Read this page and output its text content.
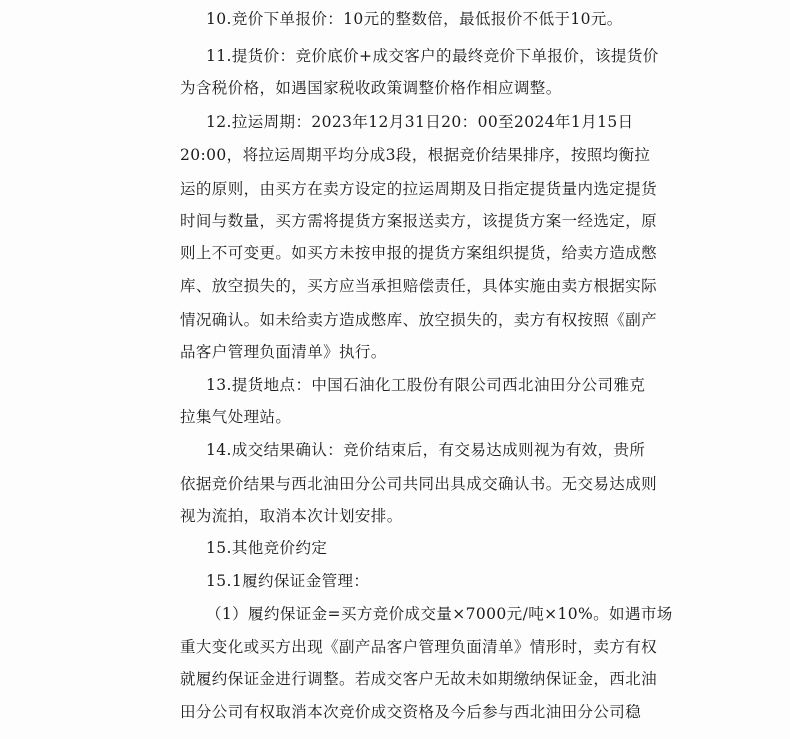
10.竞价下单报价：10元的整数倍，最低报价不低于10元。
11.提货价：竞价底价+成交客户的最终竞价下单报价，该提货价
为含税价格，如遇国家税收政策调整价格作相应调整。
12.拉运周期：2023年12月31日20：00至2024年1月15日
20:00，将拉运周期平均分成3段，根据竞价结果排序，按照均衡拉
运的原则，由买方在卖方设定的拉运周期及日指定提货量内选定提货
时间与数量，买方需将提货方案报送卖方，该提货方案一经选定，原
则上不可变更。如买方未按申报的提货方案组织提货，给卖方造成憋
库、放空损失的，买方应当承担赔偿责任，具体实施由卖方根据实际
情况确认。如未给卖方造成憋库、放空损失的，卖方有权按照《副产
品客户管理负面清单》执行。
13.提货地点：中国石油化工股份有限公司西北油田分公司雅克
拉集气处理站。
14.成交结果确认：竞价结束后，有交易达成则视为有效，贵所
依据竞价结果与西北油田分公司共同出具成交确认书。无交易达成则
视为流拍，取消本次计划安排。
15.其他竞价约定
15.1履约保证金管理：
（1）履约保证金=买方竞价成交量×7000元/吨×10%。如遇市场
重大变化或买方出现《副产品客户管理负面清单》情形时，卖方有权
就履约保证金进行调整。若成交客户无故未如期缴纳保证金，西北油
田分公司有权取消本次竞价成交资格及今后参与西北油田分公司稳
